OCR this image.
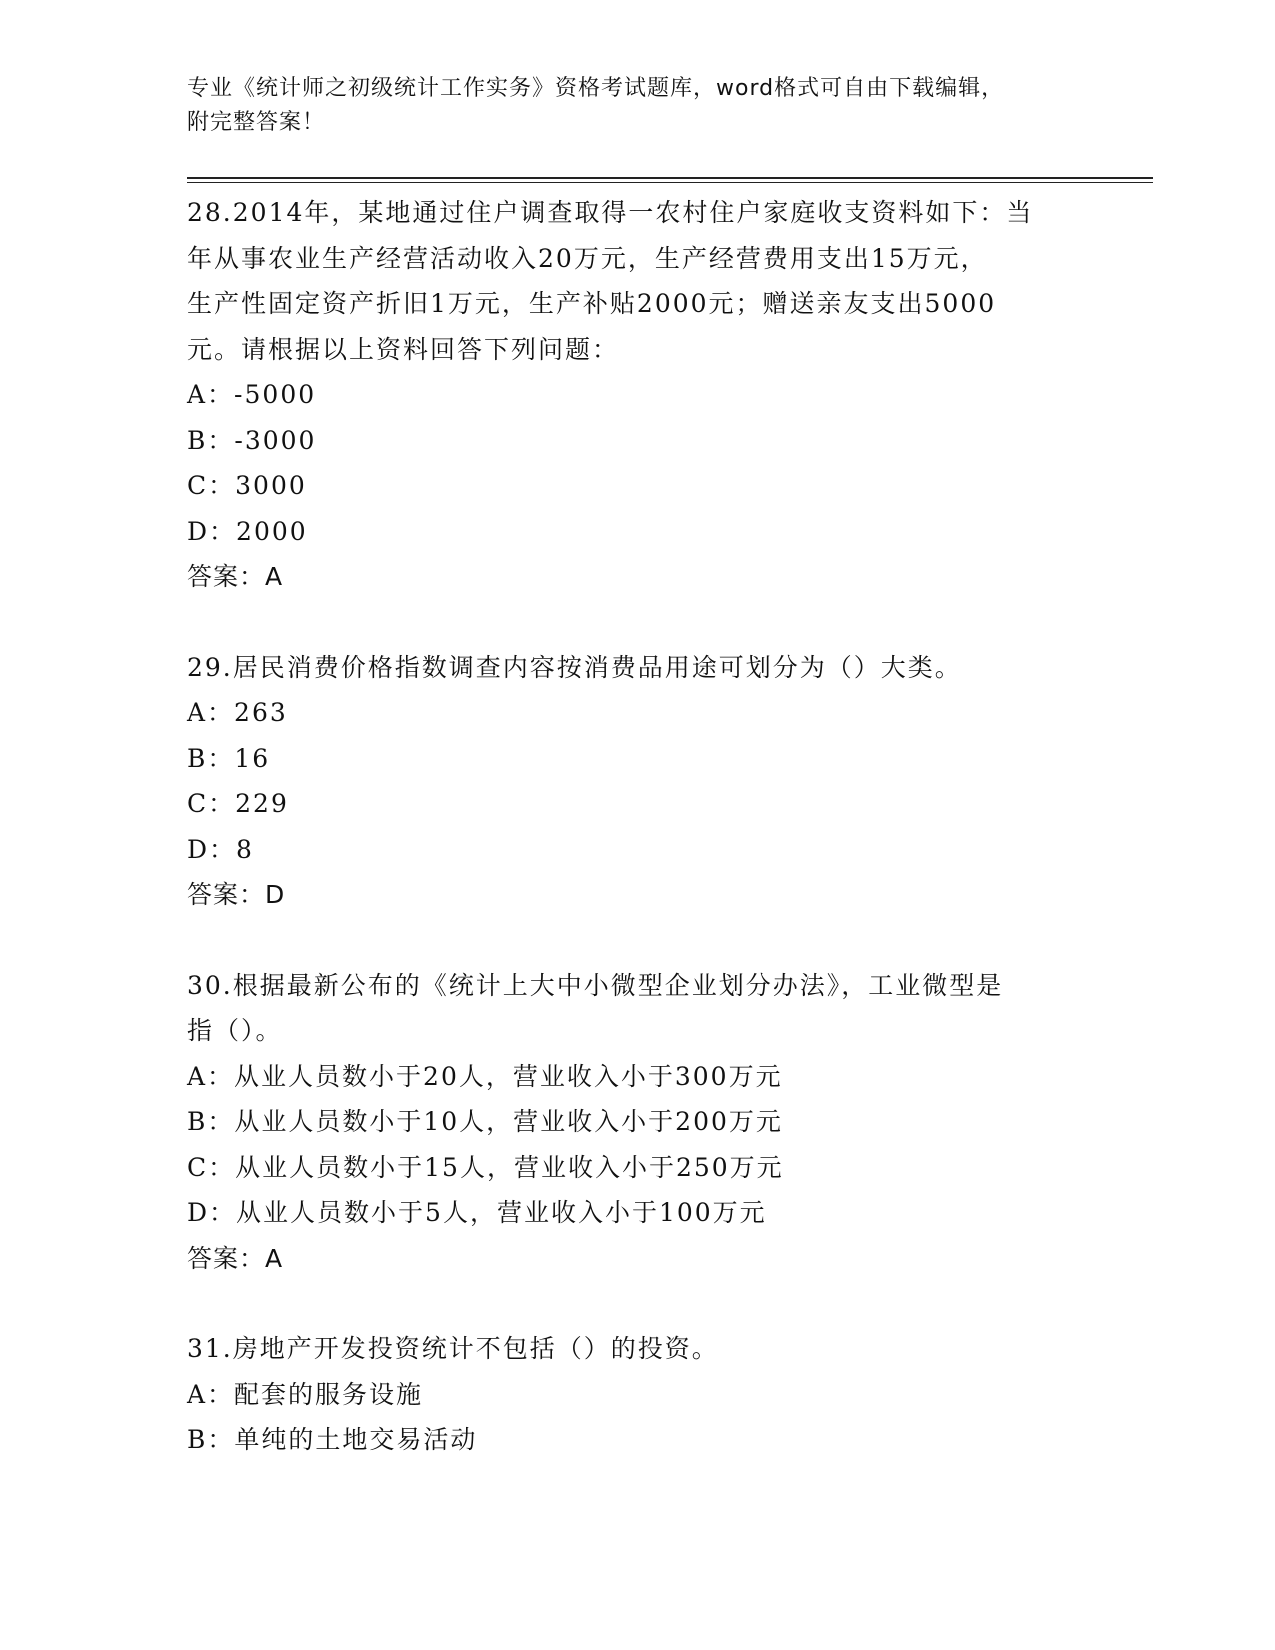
专业《统计师之初级统计工作实务》资格考试题库，word格式可自由下载编辑，
附完整答案！
28.2014年，某地通过住户调查取得一农村住户家庭收支资料如下：当
年从事农业生产经营活动收入20万元，生产经营费用支出15万元，
生产性固定资产折旧1万元，生产补贴2000元；赠送亲友支出5000
元。请根据以上资料回答下列问题：
A：-5000
B：-3000
C：3000
D：2000
答案：A
29.居民消费价格指数调查内容按消费品用途可划分为（）大类。
A：263
B：16
C：229
D：8
答案：D
30.根据最新公布的《统计上大中小微型企业划分办法》，工业微型是
指（）。
A：从业人员数小于20人，营业收入小于300万元
B：从业人员数小于10人，营业收入小于200万元
C：从业人员数小于15人，营业收入小于250万元
D：从业人员数小于5人，营业收入小于100万元
答案：A
31.房地产开发投资统计不包括（）的投资。
A：配套的服务设施
B：单纯的土地交易活动
